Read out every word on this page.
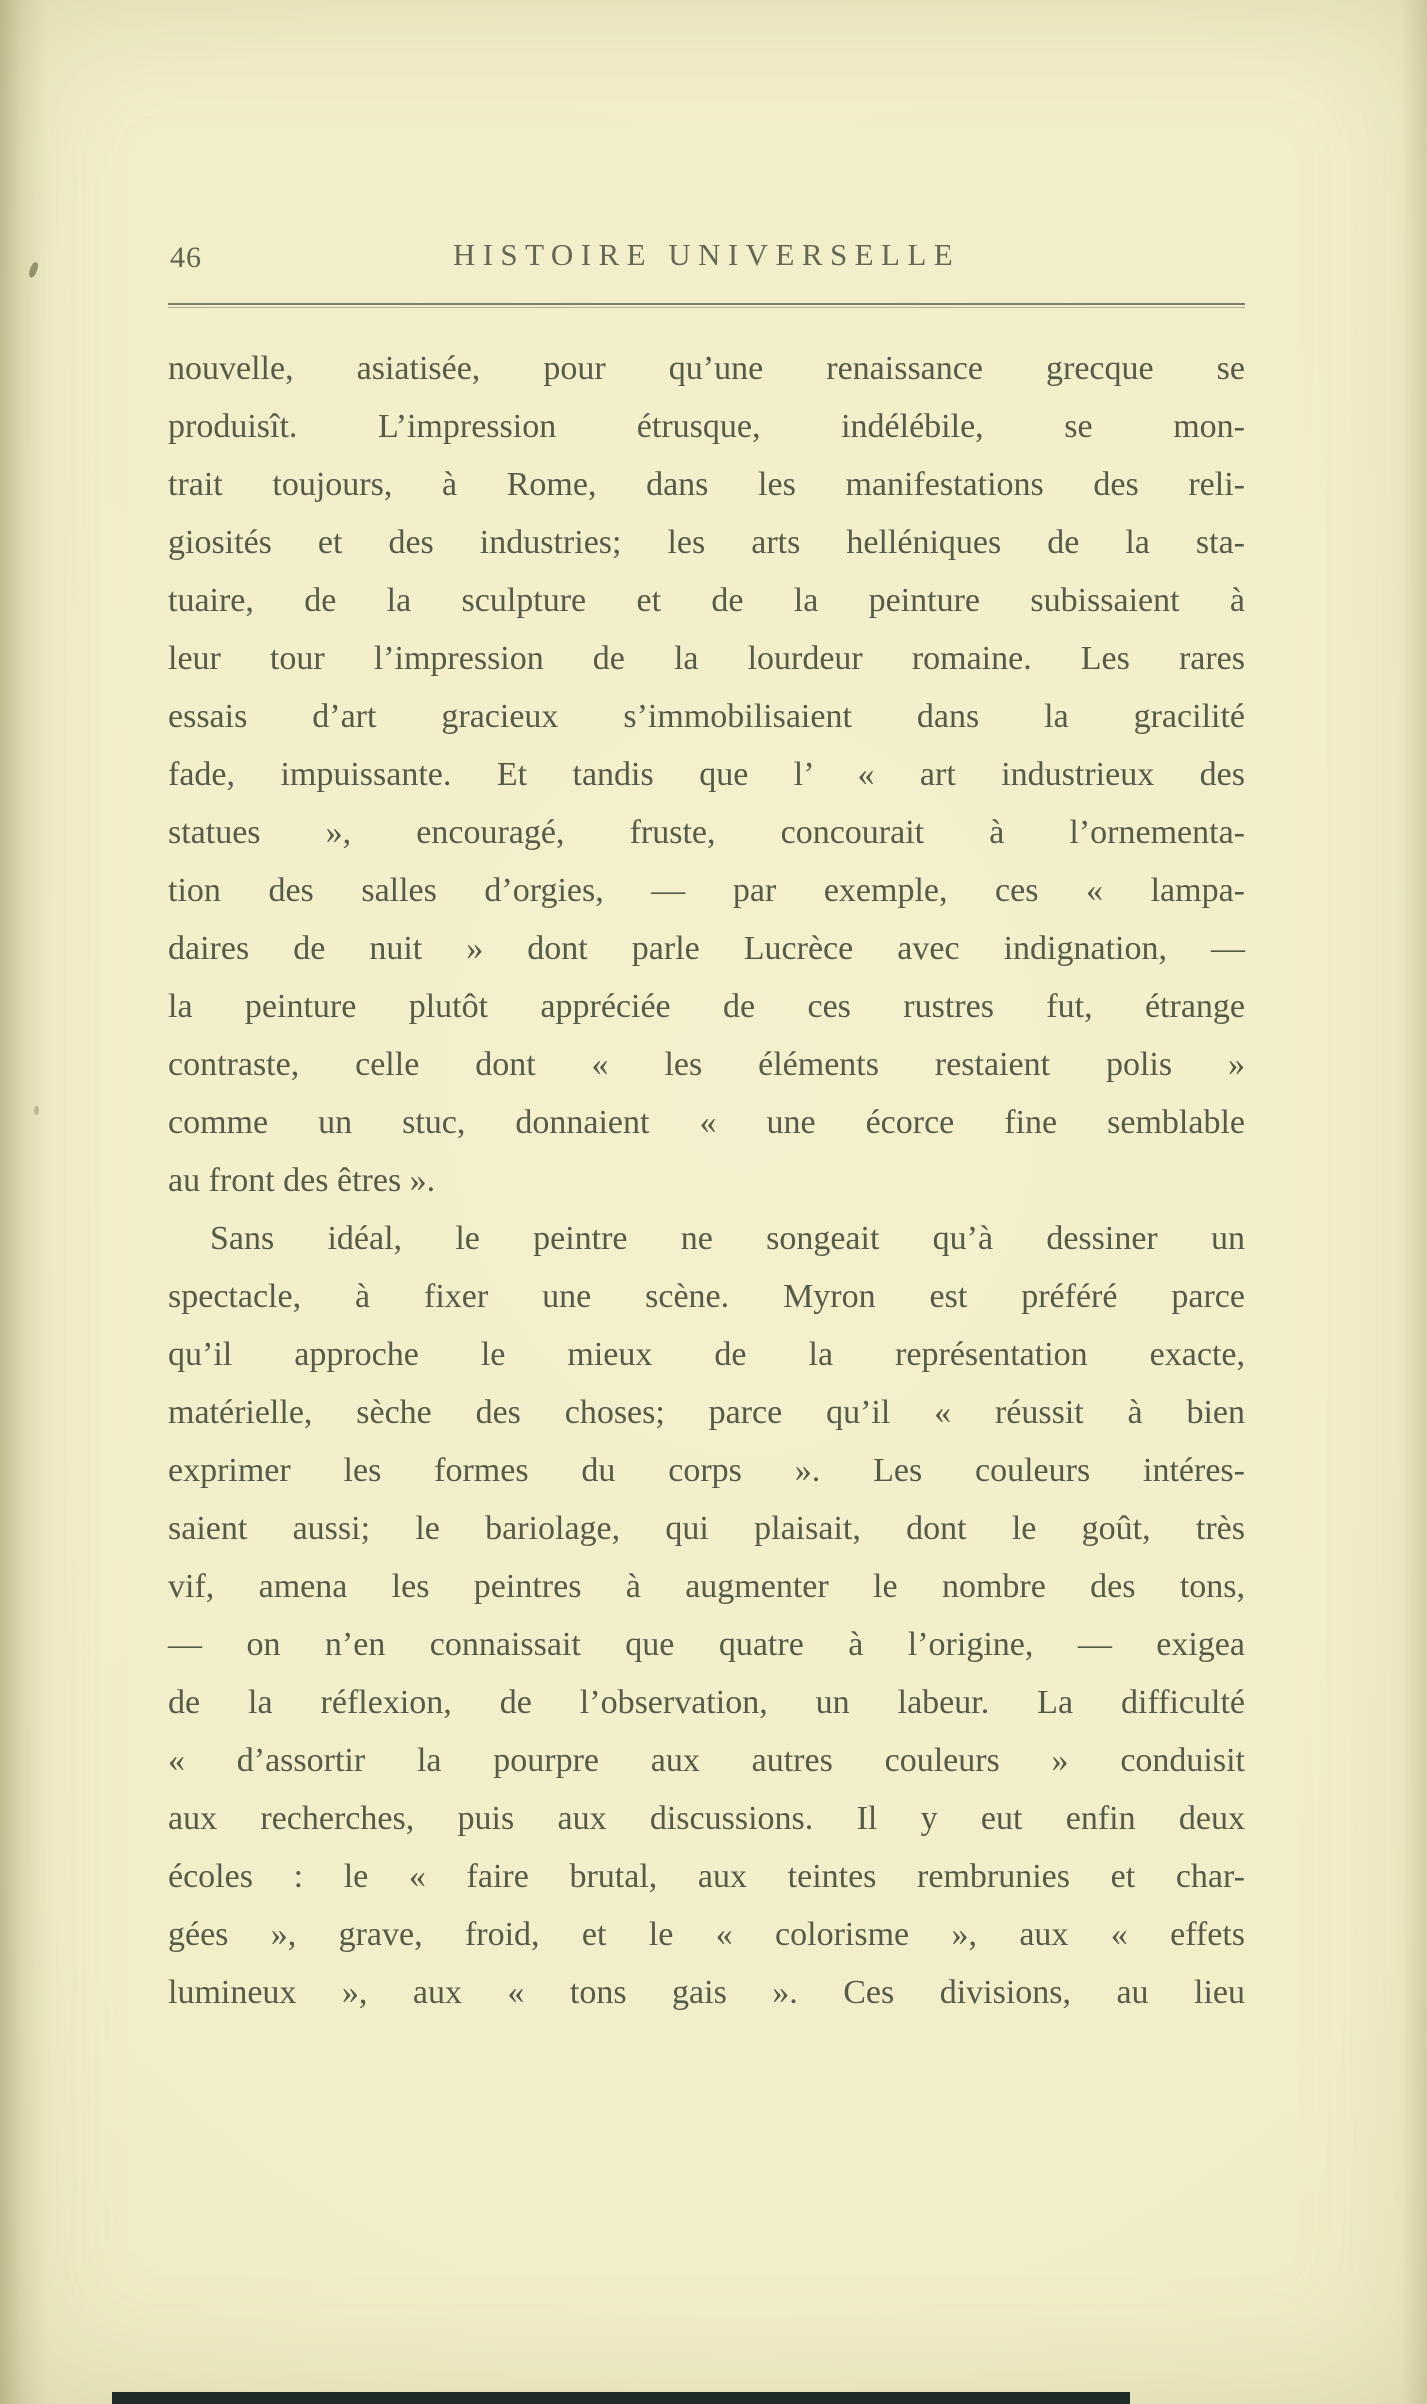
46	HISTOIRE UNIVERSELLE
nouvelle, asiatisée, pour qu’une renaissance grecque se
produisît. L’impression étrusque, indélébile, se mon-
trait toujours, à Rome, dans les manifestations des reli-
giosités et des industries; les arts helléniques de la sta-
tuaire, de la sculpture et de la peinture subissaient à
leur tour l’impression de la lourdeur romaine. Les rares
essais d’art gracieux s’immobilisaient dans la gracilité
fade, impuissante. Et tandis que l’ « art industrieux des
statues », encouragé, fruste, concourait à l’ornementa-
tion des salles d’orgies, — par exemple, ces « lampa-
daires de nuit » dont parle Lucrèce avec indignation, —
la peinture plutôt appréciée de ces rustres fut, étrange
contraste, celle dont « les éléments restaient polis »
comme un stuc, donnaient « une écorce fine semblable
au front des êtres ».
Sans idéal, le peintre ne songeait qu’à dessiner un
spectacle, à fixer une scène. Myron est préféré parce
qu’il approche le mieux de la représentation exacte,
matérielle, sèche des choses; parce qu’il « réussit à bien
exprimer les formes du corps ». Les couleurs intéres-
saient aussi; le bariolage, qui plaisait, dont le goût, très
vif, amena les peintres à augmenter le nombre des tons,
— on n’en connaissait que quatre à l’origine, — exigea
de la réflexion, de l’observation, un labeur. La difficulté
« d’assortir la pourpre aux autres couleurs » conduisit
aux recherches, puis aux discussions. Il y eut enfin deux
écoles : le « faire brutal, aux teintes rembrunies et char-
gées », grave, froid, et le « colorisme », aux « effets
lumineux », aux « tons gais ». Ces divisions, au lieu
